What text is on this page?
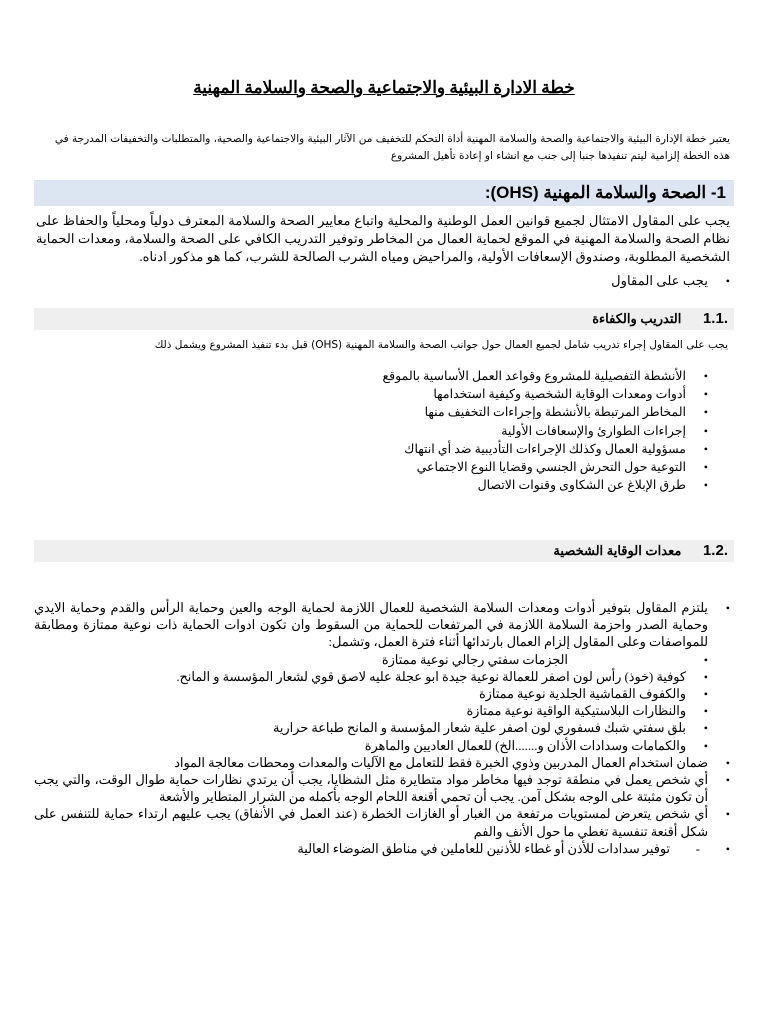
خطة الادارة البيئية والاجتماعية والصحة والسلامة المهنية
يعتبر خطة الإدارة البيئية والاجتماعية والصحة والسلامة المهنية أداة التحكم للتخفيف من الآثار البيئية والاجتماعية والصحية، والمتطلبات والتخفيفات المدرجة في هذه الخطة إلزامية ليتم تنفيذها جنبا إلى جنب مع انشاء او إعادة تأهيل المشروع
1- الصحة والسلامة المهنية (OHS):
يجب على المقاول الامتثال لجميع قوانين العمل الوطنية والمحلية واتباع معايير الصحة والسلامة المعترف دولياً ومحلياً والحفاظ على نظام الصحة والسلامة المهنية في الموقع لحماية العمال من المخاطر وتوفير التدريب الكافي على الصحة والسلامة، ومعدات الحماية الشخصية المطلوبة، وصندوق الإسعافات الأولية، والمراحيض ومياه الشرب الصالحة للشرب، كما هو مذكور ادناه.
• يجب على المقاول
.1.1 التدريب والكفاءة
يجب على المقاول إجراء تدريب شامل لجميع العمال حول جوانب الصحة والسلامة المهنية (OHS) قبل بدء تنفيذ المشروع ويشمل ذلك
• الأنشطة التفصيلية للمشروع وقواعد العمل الأساسية بالموقع
• أدوات ومعدات الوقاية الشخصية وكيفية استخدامها
• المخاطر المرتبطة بالأنشطة وإجراءات التخفيف منها
• إجراءات الطوارئ والإسعافات الأولية
• مسؤولية العمال وكذلك الإجراءات التأديبية ضد أي انتهاك
• التوعية حول التحرش الجنسي وقضايا النوع الاجتماعي
• طرق الإبلاغ عن الشكاوى وقنوات الاتصال
.1.2 معدات الوقاية الشخصية
• يلتزم المقاول بتوفير أدوات ومعدات السلامة الشخصية للعمال اللازمة لحماية الوجه والعين وحماية الرأس والقدم وحماية الايدي وحماية الصدر واحزمة السلامة اللازمة في المرتفعات للحماية من السقوط وان تكون ادوات الحماية ذات نوعية ممتازة ومطابقة للمواصفات وعلى المقاول إلزام العمال بارتدائها أثناء فترة العمل، وتشمل:
• الجزمات سفتي رجالي نوعية ممتازة
• كوفية (خوذ) رأس لون اصفر للعمالة نوعية جيدة ابو عجلة عليه لاصق قوي لشعار المؤسسة و المانح.
• والكفوف القماشية الجلدية نوعية ممتازة
• والنظارات البلاستيكية الواقية نوعية ممتازة
• بلق سفتي شبك فسفوري لون اصفر علية شعار المؤسسة و المانح طباعة حرارية
• والكمامات وسدادات الأذان و.......الخ) للعمال العاديين والماهرة
• ضمان استخدام العمال المدربين وذوي الخبرة فقط للتعامل مع الآليات والمعدات ومحطات معالجة المواد
• أي شخص يعمل في منطقة توجد فيها مخاطر مواد متطايرة مثل الشظايا، يجب أن يرتدي نظارات حماية طوال الوقت، والتي يجب أن تكون مثبتة على الوجه بشكل آمن. يجب أن تحمي أقنعة اللحام الوجه بأكمله من الشرار المتطاير والأشعة
• أي شخص يتعرض لمستويات مرتفعة من الغبار أو الغازات الخطرة (عند العمل في الأنفاق) يجب عليهم ارتداء حماية للتنفس على شكل أقنعة تنفسية تغطي ما حول الأنف والفم
• -
توفير سدادات للأذن أو غطاء للأذنين للعاملين في مناطق الضوضاء العالية
